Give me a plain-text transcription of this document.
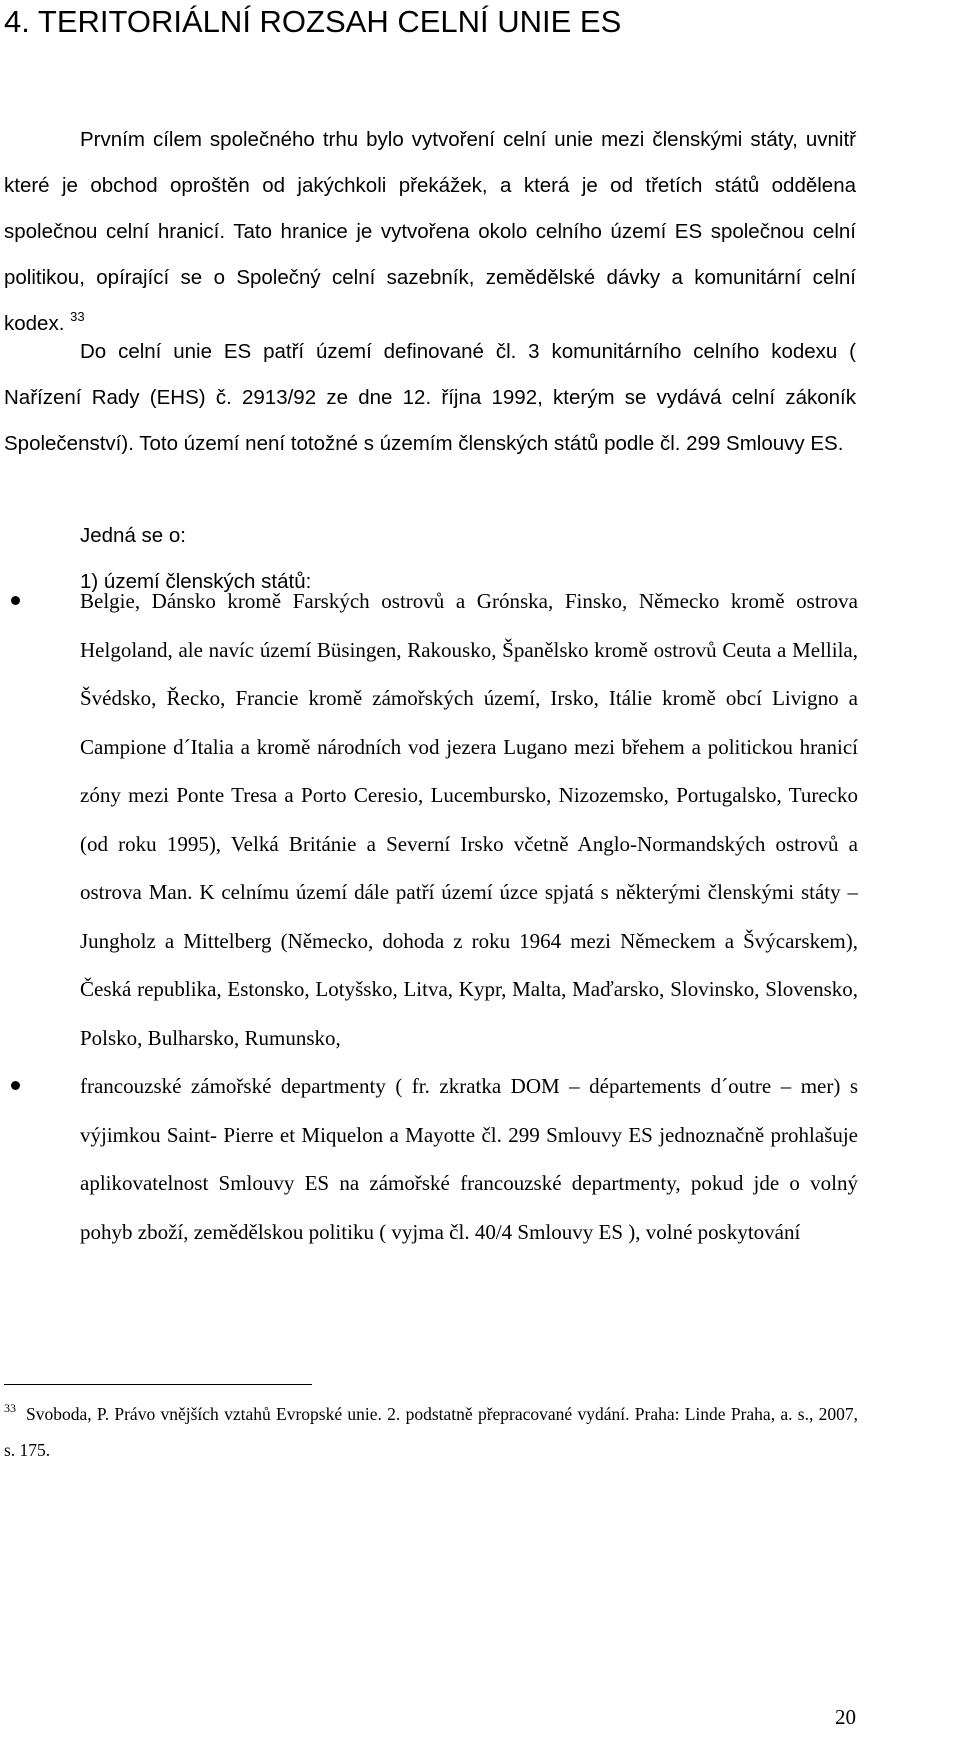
4. TERITORIÁLNÍ ROZSAH CELNÍ UNIE ES

Prvním cílem společného trhu bylo vytvoření celní unie mezi členskými státy, uvnitř které je obchod oproštěn od jakýchkoli překážek, a která je od třetích států oddělena společnou celní hranicí. Tato hranice je vytvořena okolo celního území ES společnou celní politikou, opírající se o Společný celní sazebník, zemědělské dávky a komunitární celní kodex. $^{33}$

Do celní unie ES patří území definované čl. 3 komunitárního celního kodexu ( Nařízení Rady (EHS) č. 2913/92 ze dne 12. října 1992, kterým se vydává celní zákoník Společenství). Toto území není totožné s územím členských států podle čl. 299 Smlouvy ES.

Jedná se o:
1) území členských států:
Belgie, Dánsko kromě Farských ostrovů a Grónska, Finsko, Německo kromě ostrova Helgoland, ale navíc území Büsingen, Rakousko, Španělsko kromě ostrovů Ceuta a Mellila, Švédsko, Řecko, Francie kromě zámořských území, Irsko, Itálie kromě obcí Livigno a Campione d´Italia a kromě národních vod jezera Lugano mezi břehem a politickou hranicí zóny mezi Ponte Tresa a Porto Ceresio, Lucembursko, Nizozemsko, Portugalsko, Turecko (od roku 1995), Velká Británie a Severní Irsko včetně Anglo-Normandských ostrovů a ostrova Man. K celnímu území dále patří území úzce spjatá s některými členskými státy – Jungholz a Mittelberg (Německo, dohoda z roku 1964 mezi Německem a Švýcarskem), Česká republika, Estonsko, Lotyšsko, Litva, Kypr, Malta, Maďarsko, Slovinsko, Slovensko, Polsko, Bulharsko, Rumunsko,
francouzské zámořské departmenty ( fr. zkratka DOM – départements d´outre – mer) s výjimkou Saint- Pierre et Miquelon a Mayotte čl. 299 Smlouvy ES jednoznačně prohlašuje aplikovatelnost Smlouvy ES na zámořské francouzské departmenty, pokud jde o volný pohyb zboží, zemědělskou politiku ( vyjma čl. 40/4 Smlouvy ES ), volné poskytování

$^{33}$ Svoboda, P. Právo vnějších vztahů Evropské unie. 2. podstatně přepracované vydání. Praha: Linde Praha, a. s., 2007, s. 175.

20
